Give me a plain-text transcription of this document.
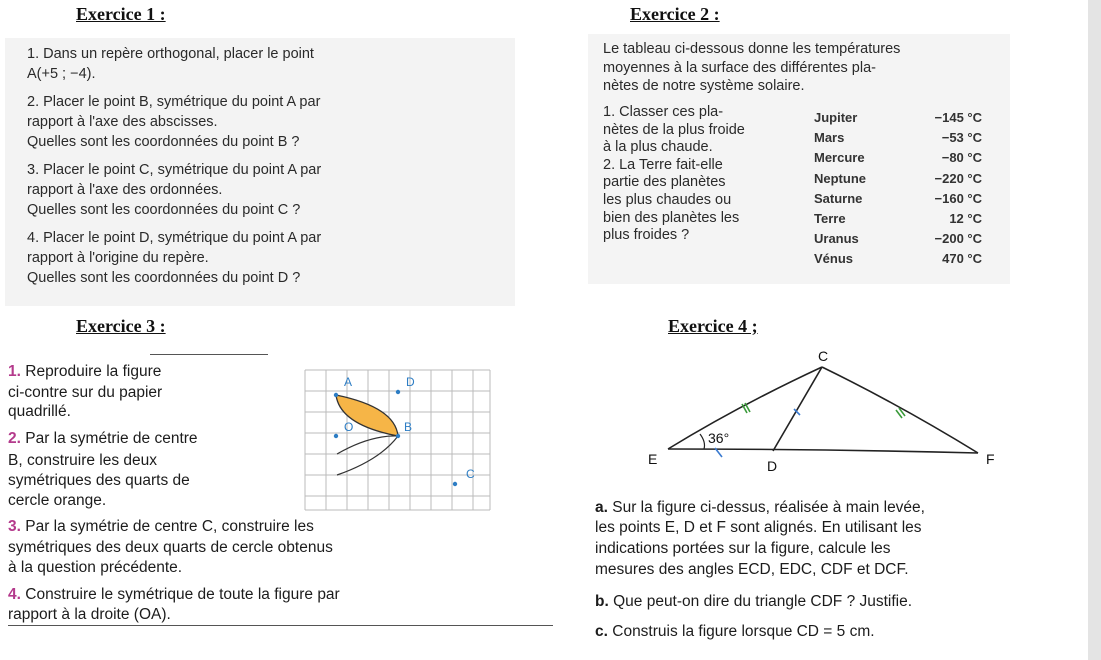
Exercice 1 :
1. Dans un repère orthogonal, placer le point
A(+5 ; −4).
2. Placer le point B, symétrique du point A par
rapport à l'axe des abscisses.
Quelles sont les coordonnées du point B ?
3. Placer le point C, symétrique du point A par
rapport à l'axe des ordonnées.
Quelles sont les coordonnées du point C ?
4. Placer le point D, symétrique du point A par
rapport à l'origine du repère.
Quelles sont les coordonnées du point D ?
Exercice 2 :
Le tableau ci-dessous donne les températures
moyennes à la surface des différentes pla-
nètes de notre système solaire.
1. Classer ces pla-
nètes de la plus froide
à la plus chaude.
2. La Terre fait-elle
partie des planètes
les plus chaudes ou
bien des planètes les
plus froides ?
Jupiter	−145 °C
Mars	−53 °C
Mercure	−80 °C
Neptune	−220 °C
Saturne	−160 °C
Terre	12 °C
Uranus	−200 °C
Vénus	470 °C
Exercice 3 :
1. Reproduire la figure
ci-contre sur du papier
quadrillé.
2. Par la symétrie de centre
B, construire les deux
symétriques des quarts de
cercle orange.
3. Par la symétrie de centre C, construire les
symétriques des deux quarts de cercle obtenus
à la question précédente.
4. Construire le symétrique de toute la figure par
rapport à la droite (OA).
A	D
O	B
C
Exercice 4 ;
C
E	D	F
36°
a. Sur la figure ci-dessus, réalisée à main levée,
les points E, D et F sont alignés. En utilisant les
indications portées sur la figure, calcule les
mesures des angles ECD, EDC, CDF et DCF.
b. Que peut-on dire du triangle CDF ? Justifie.
c. Construis la figure lorsque CD = 5 cm.
